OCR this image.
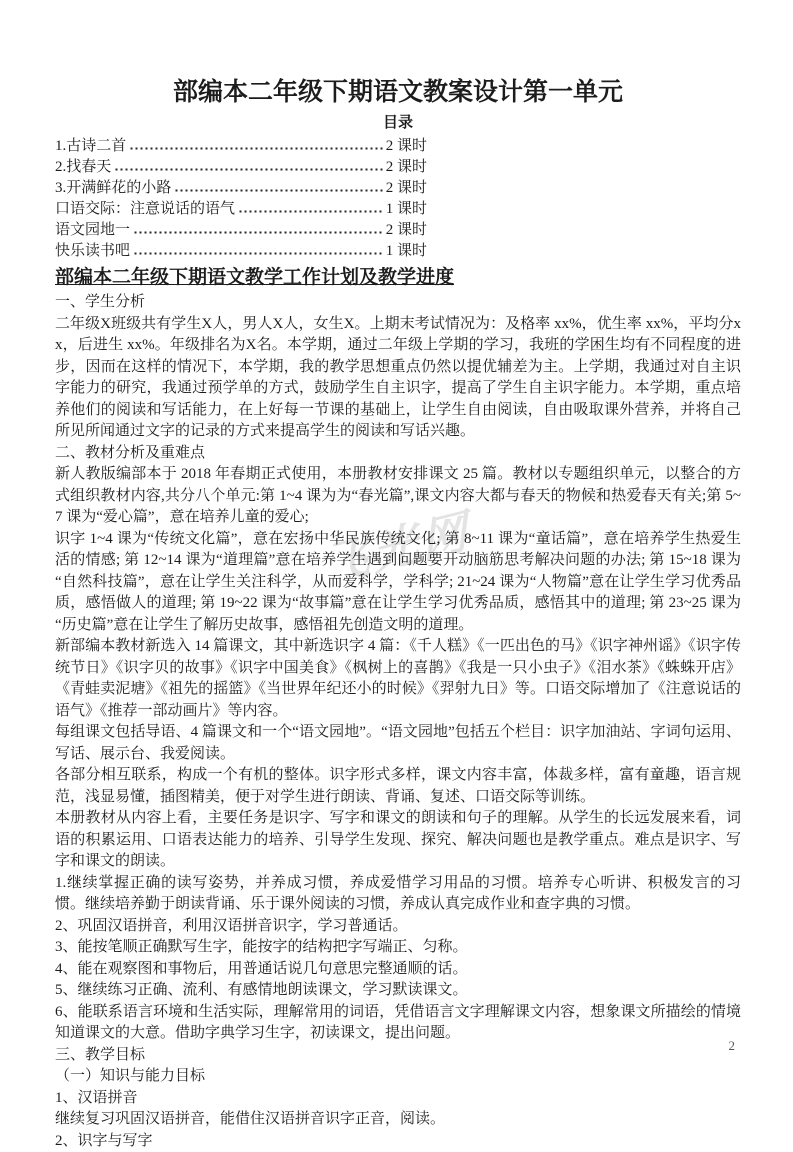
飞光网
部编本二年级下期语文教案设计第一单元
目录
1.古诗二首	2 课时
2.找春天	2 课时
3.开满鲜花的小路	2 课时
口语交际：注意说话的语气	1 课时
语文园地一	2 课时
快乐读书吧	1 课时
部编本二年级下期语文教学工作计划及教学进度

一、学生分析

二年级X班级共有学生X人，男人X人，女生X。上期末考试情况为：及格率 xx%，优生率 xx%，平均分xx，后进生 xx%。年级排名为X名。本学期，通过二年级上学期的学习，我班的学困生均有不同程度的进步，因而在这样的情况下，本学期，我的教学思想重点仍然以提优辅差为主。上学期，我通过对自主识字能力的研究，我通过预学单的方式，鼓励学生自主识字，提高了学生自主识字能力。本学期，重点培养他们的阅读和写话能力，在上好每一节课的基础上，让学生自由阅读，自由吸取课外营养，并将自己所见所闻通过文字的记录的方式来提高学生的阅读和写话兴趣。

二、教材分析及重难点

新人教版编部本于 2018 年春期正式使用，本册教材安排课文 25 篇。教材以专题组织单元，以整合的方式组织教材内容,共分八个单元:第 1~4 课为为“春光篇”,课文内容大都与春天的物候和热爱春天有关;第 5~7 课为“爱心篇”，意在培养儿童的爱心;

识字 1~4 课为“传统文化篇”，意在宏扬中华民族传统文化; 第 8~11 课为“童话篇”，意在培养学生热爱生活的情感; 第 12~14 课为“道理篇”意在培养学生遇到问题要开动脑筋思考解决问题的办法; 第 15~18 课为“自然科技篇”，意在让学生关注科学，从而爱科学，学科学; 21~24 课为“人物篇”意在让学生学习优秀品质，感悟做人的道理; 第 19~22 课为“故事篇”意在让学生学习优秀品质，感悟其中的道理; 第 23~25 课为“历史篇”意在让学生了解历史故事，感悟祖先创造文明的道理。

新部编本教材新选入 14 篇课文，其中新选识字 4 篇：《千人糕》《一匹出色的马》《识字神州谣》《识字传统节日》《识字贝的故事》《识字中国美食》《枫树上的喜鹊》《我是一只小虫子》《泪水茶》《蛛蛛开店》《青蛙卖泥塘》《祖先的摇篮》《当世界年纪还小的时候》《羿射九日》等。口语交际增加了《注意说话的语气》《推荐一部动画片》等内容。

每组课文包括导语、4 篇课文和一个“语文园地”。“语文园地”包括五个栏目：识字加油站、字词句运用、写话、展示台、我爱阅读。

各部分相互联系，构成一个有机的整体。识字形式多样，课文内容丰富，体裁多样，富有童趣，语言规范，浅显易懂，插图精美，便于对学生进行朗读、背诵、复述、口语交际等训练。

本册教材从内容上看，主要任务是识字、写字和课文的朗读和句子的理解。从学生的长远发展来看，词语的积累运用、口语表达能力的培养、引导学生发现、探究、解决问题也是教学重点。难点是识字、写字和课文的朗读。

1.继续掌握正确的读写姿势，并养成习惯，养成爱惜学习用品的习惯。培养专心听讲、积极发言的习惯。继续培养勤于朗读背诵、乐于课外阅读的习惯，养成认真完成作业和查字典的习惯。

2、巩固汉语拼音，利用汉语拼音识字，学习普通话。

3、能按笔顺正确默写生字，能按字的结构把字写端正、匀称。

4、能在观察图和事物后，用普通话说几句意思完整通顺的话。

5、继续练习正确、流利、有感情地朗读课文，学习默读课文。

6、能联系语言环境和生活实际，理解常用的词语，凭借语言文字理解课文内容，想象课文所描绘的情境知道课文的大意。借助字典学习生字，初读课文，提出问题。

三、教学目标

（一）知识与能力目标

1、汉语拼音

继续复习巩固汉语拼音，能借住汉语拼音识字正音，阅读。

2、识字与写字

2
